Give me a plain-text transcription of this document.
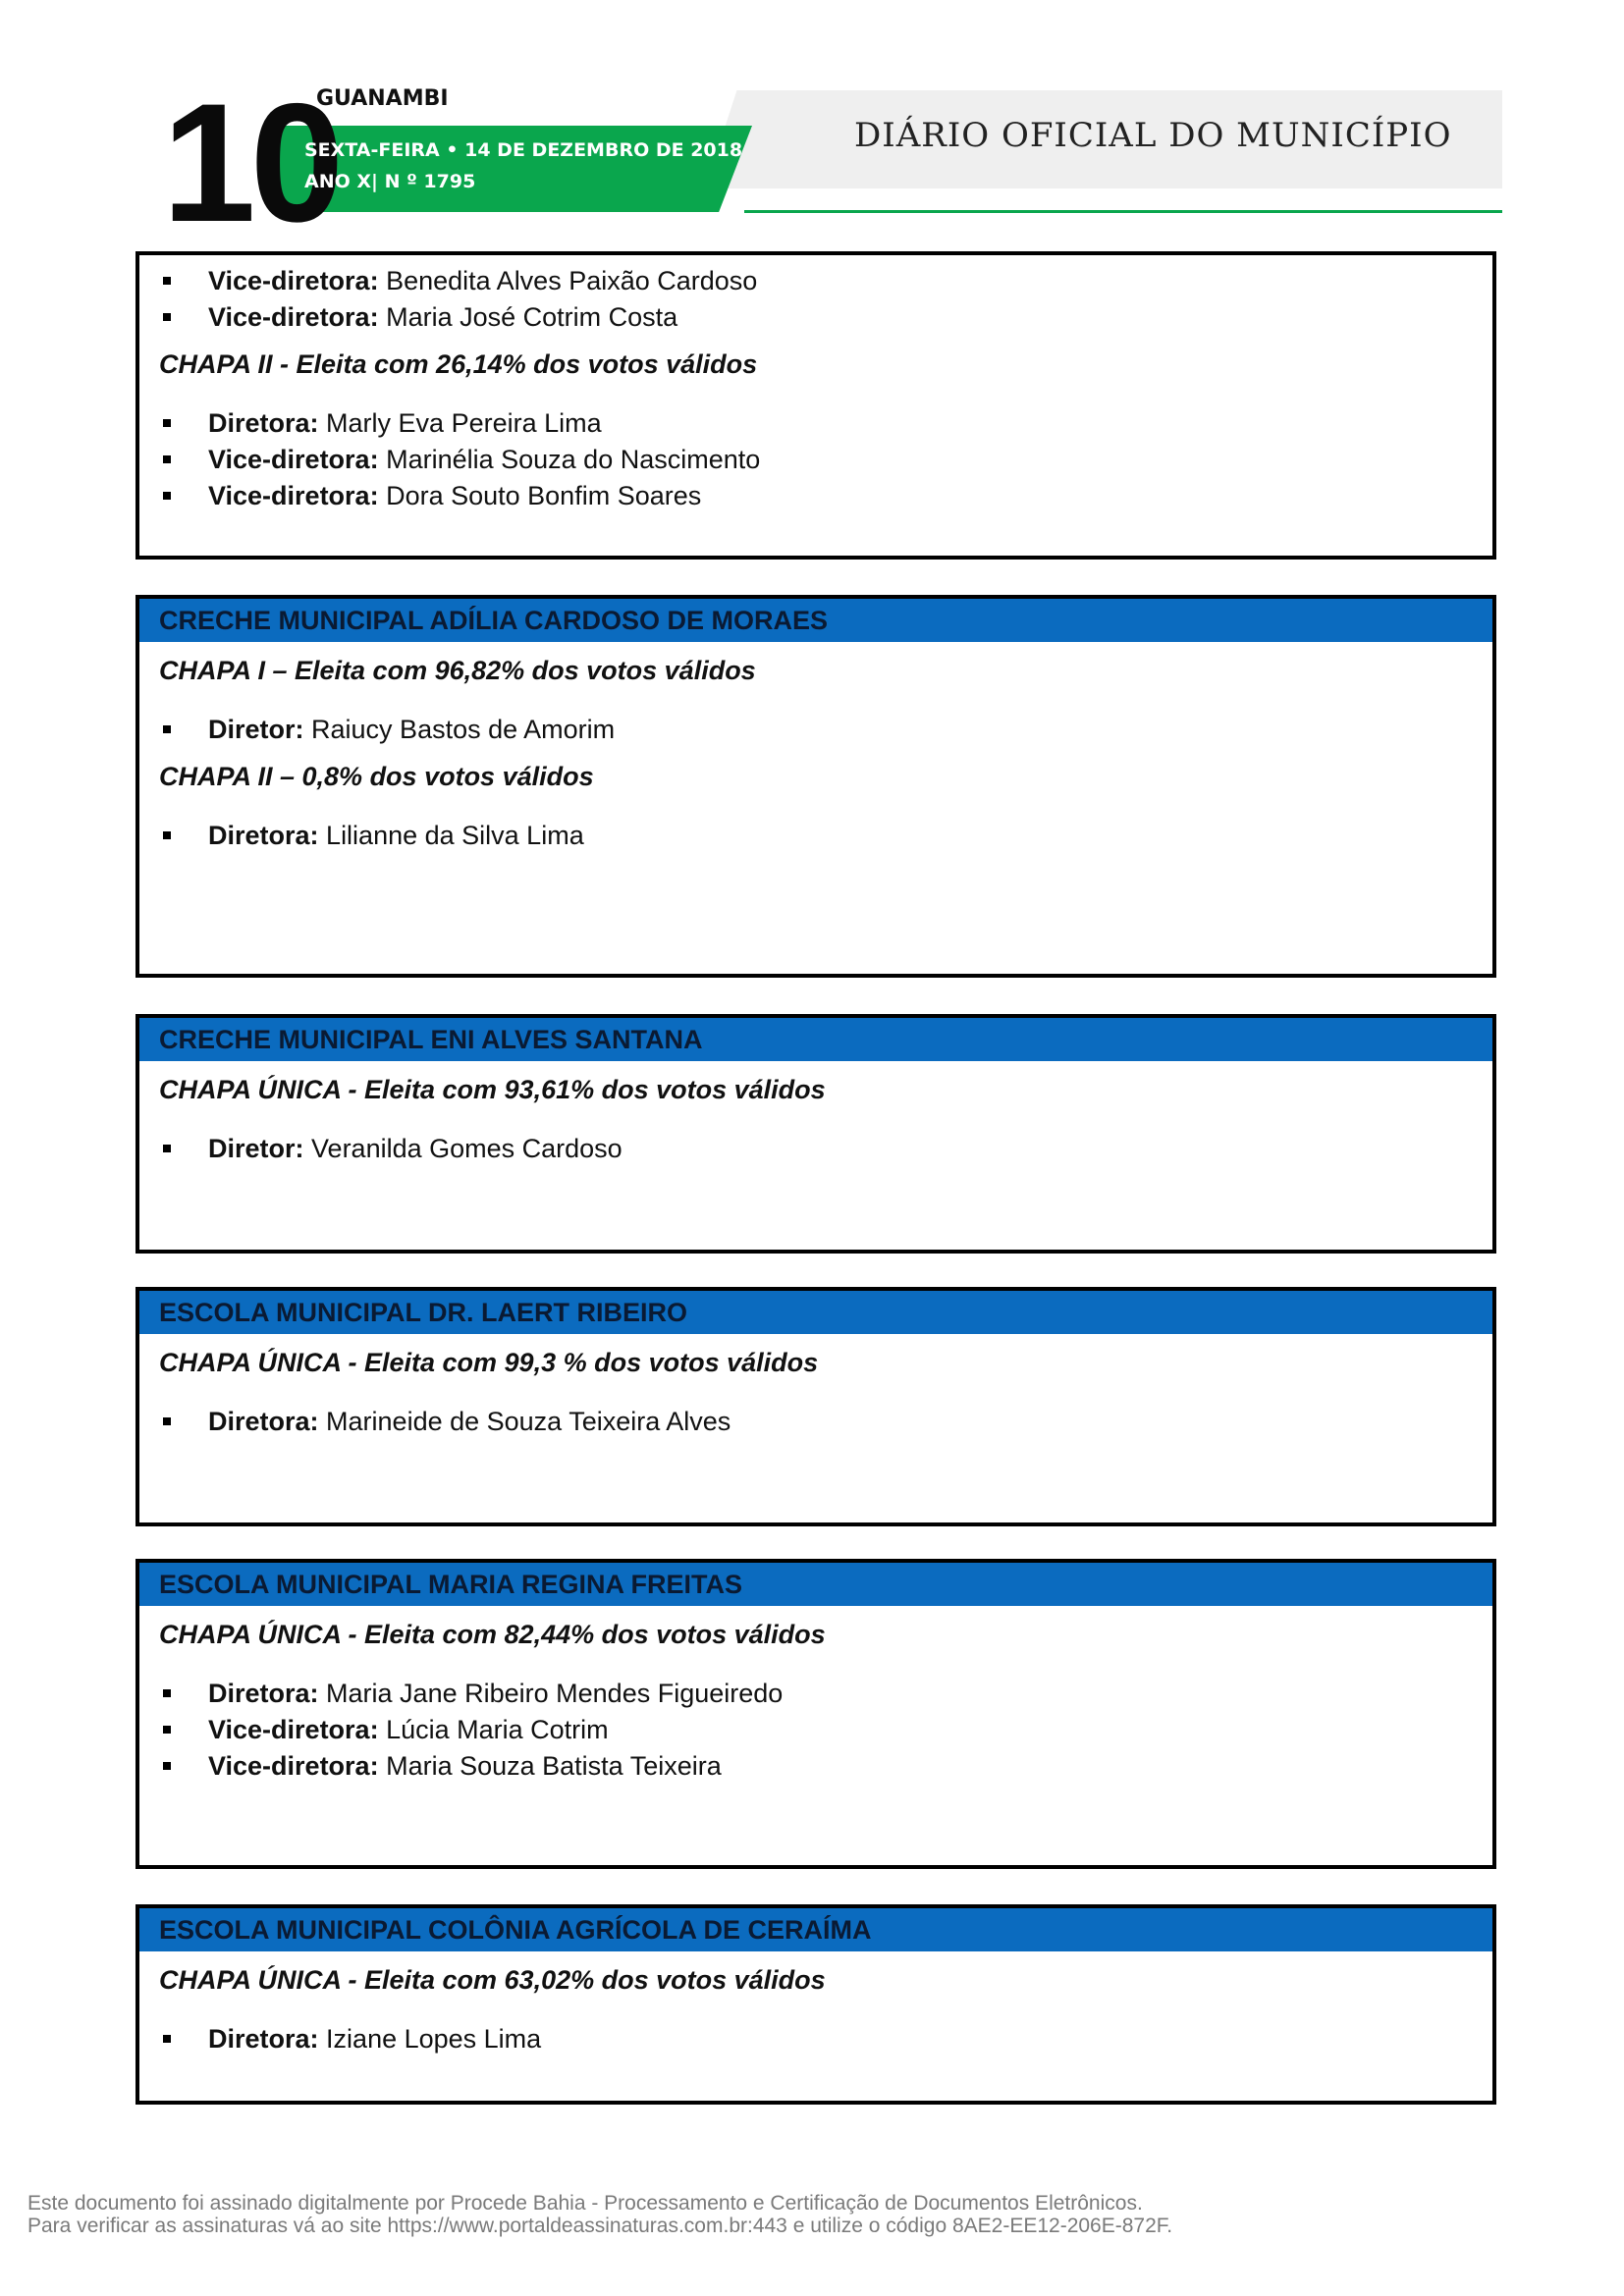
10
GUANAMBI
SEXTA-FEIRA • 14 DE DEZEMBRO DE 2018
ANO X| N º 1795
DIÁRIO OFICIAL DO MUNICÍPIO
Vice-diretora: Benedita Alves Paixão Cardoso
Vice-diretora: Maria José Cotrim Costa
CHAPA II - Eleita com 26,14% dos votos válidos
Diretora: Marly Eva Pereira Lima
Vice-diretora: Marinélia Souza do Nascimento
Vice-diretora: Dora Souto Bonfim Soares
CRECHE MUNICIPAL ADÍLIA CARDOSO DE MORAES
CHAPA I – Eleita com 96,82% dos votos válidos
Diretor: Raiucy Bastos de Amorim
CHAPA II – 0,8% dos votos válidos
Diretora: Lilianne da Silva Lima
CRECHE MUNICIPAL ENI ALVES SANTANA
CHAPA ÚNICA - Eleita com 93,61% dos votos válidos
Diretor: Veranilda Gomes Cardoso
ESCOLA MUNICIPAL DR. LAERT RIBEIRO
CHAPA ÚNICA - Eleita com 99,3 % dos votos válidos
Diretora: Marineide de Souza Teixeira Alves
ESCOLA MUNICIPAL MARIA REGINA FREITAS
CHAPA ÚNICA - Eleita com 82,44% dos votos válidos
Diretora: Maria Jane Ribeiro Mendes Figueiredo
Vice-diretora: Lúcia Maria Cotrim
Vice-diretora: Maria Souza Batista Teixeira
ESCOLA MUNICIPAL COLÔNIA AGRÍCOLA DE CERAÍMA
CHAPA ÚNICA - Eleita com 63,02% dos votos válidos
Diretora: Iziane Lopes Lima
Este documento foi assinado digitalmente por Procede Bahia - Processamento e Certificação de Documentos Eletrônicos.
Para verificar as assinaturas vá ao site https://www.portaldeassinaturas.com.br:443 e utilize o código 8AE2-EE12-206E-872F.
